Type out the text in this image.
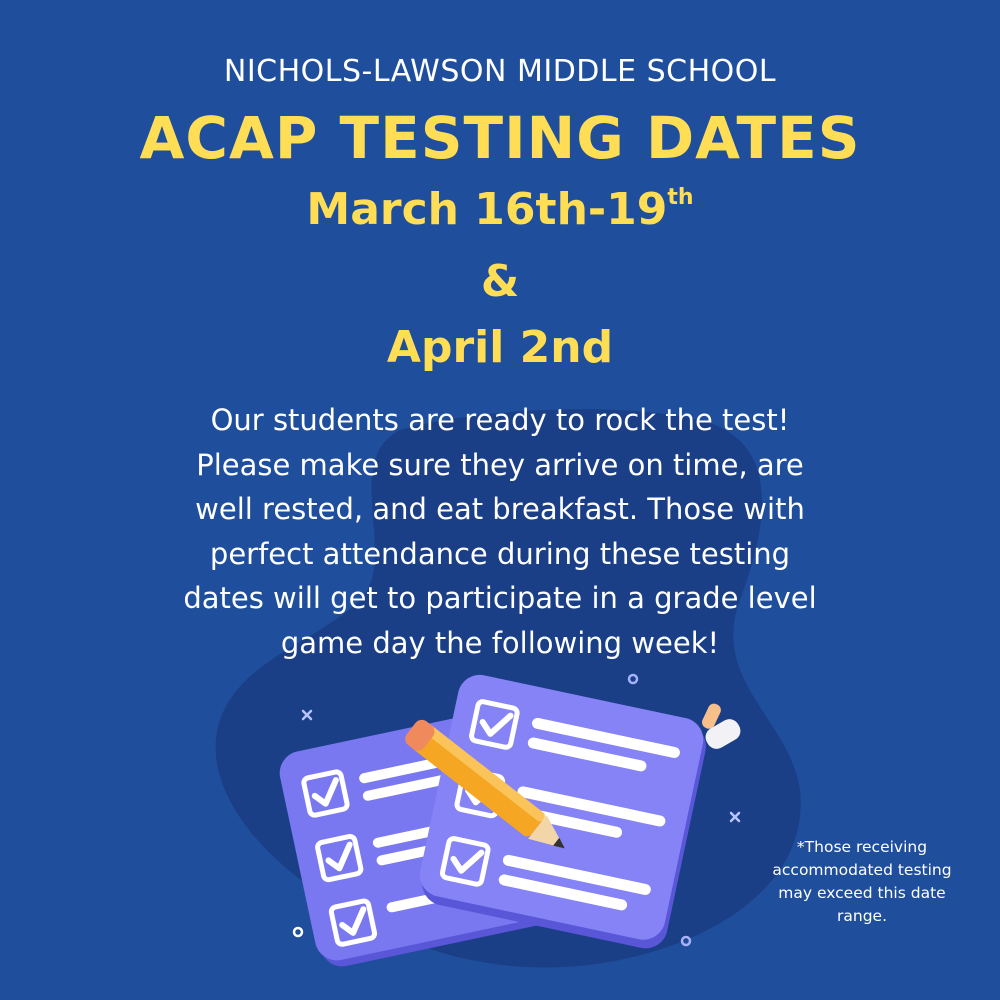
NICHOLS-LAWSON MIDDLE SCHOOL
ACAP TESTING DATES
March 16th-19th
&
April 2nd
Our students are ready to rock the test!
Please make sure they arrive on time, are
well rested, and eat breakfast. Those with
perfect attendance during these testing
dates will get to participate in a grade level
game day the following week!
*Those receiving
accommodated testing
may exceed this date
range.
